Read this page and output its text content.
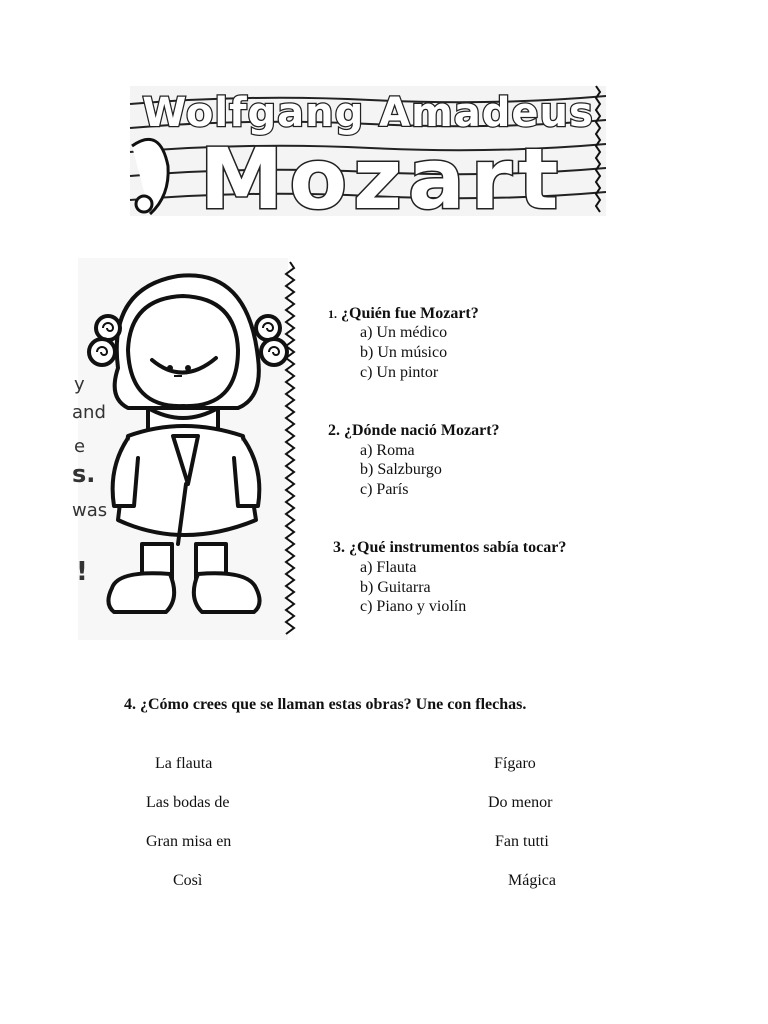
Wolfgang Amadeus
Mozart
y
and
e
s.
was
!
1. ¿Quién fue Mozart?
a) Un médico
b) Un músico
c) Un pintor
2. ¿Dónde nació Mozart?
a) Roma
b) Salzburgo
c) París
3. ¿Qué instrumentos sabía tocar?
a) Flauta
b) Guitarra
c) Piano y violín
4. ¿Cómo crees que se llaman estas obras? Une con flechas.
La flauta
Las bodas de
Gran misa en
Così
Fígaro
Do menor
Fan tutti
Mágica
